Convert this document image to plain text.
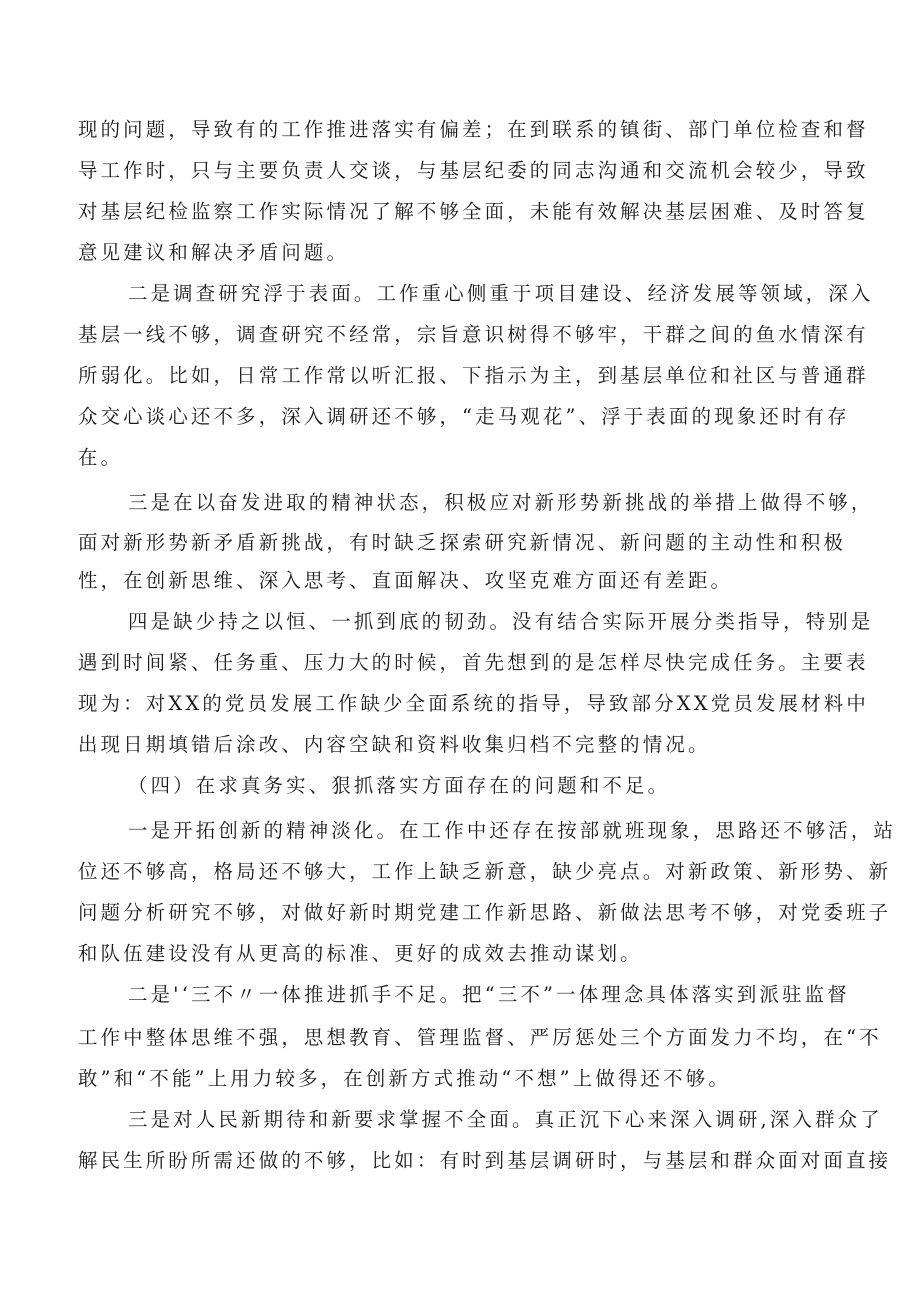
现的问题，导致有的工作推进落实有偏差；在到联系的镇街、部门单位检查和督
导工作时，只与主要负责人交谈，与基层纪委的同志沟通和交流机会较少，导致
对基层纪检监察工作实际情况了解不够全面，未能有效解决基层困难、及时答复
意见建议和解决矛盾问题。
二是调查研究浮于表面。工作重心侧重于项目建设、经济发展等领域，深入
基层一线不够，调查研究不经常，宗旨意识树得不够牢，干群之间的鱼水情深有
所弱化。比如，日常工作常以听汇报、下指示为主，到基层单位和社区与普通群
众交心谈心还不多，深入调研还不够，“走马观花”、浮于表面的现象还时有存
在。
三是在以奋发进取的精神状态，积极应对新形势新挑战的举措上做得不够，
面对新形势新矛盾新挑战，有时缺乏探索研究新情况、新问题的主动性和积极
性，在创新思维、深入思考、直面解决、攻坚克难方面还有差距。
四是缺少持之以恒、一抓到底的韧劲。没有结合实际开展分类指导，特别是
遇到时间紧、任务重、压力大的时候，首先想到的是怎样尽快完成任务。主要表
现为：对XX的党员发展工作缺少全面系统的指导，导致部分XX党员发展材料中
出现日期填错后涂改、内容空缺和资料收集归档不完整的情况。
（四）在求真务实、狠抓落实方面存在的问题和不足。
一是开拓创新的精神淡化。在工作中还存在按部就班现象，思路还不够活，站
位还不够高，格局还不够大，工作上缺乏新意，缺少亮点。对新政策、新形势、新
问题分析研究不够，对做好新时期党建工作新思路、新做法思考不够，对党委班子
和队伍建设没有从更高的标准、更好的成效去推动谋划。
二是'‘三不〃一体推进抓手不足。把“三不”一体理念具体落实到派驻监督
工作中整体思维不强，思想教育、管理监督、严厉惩处三个方面发力不均，在“不
敢”和“不能”上用力较多，在创新方式推动“不想”上做得还不够。
三是对人民新期待和新要求掌握不全面。真正沉下心来深入调研,深入群众了
解民生所盼所需还做的不够，比如：有时到基层调研时，与基层和群众面对面直接
